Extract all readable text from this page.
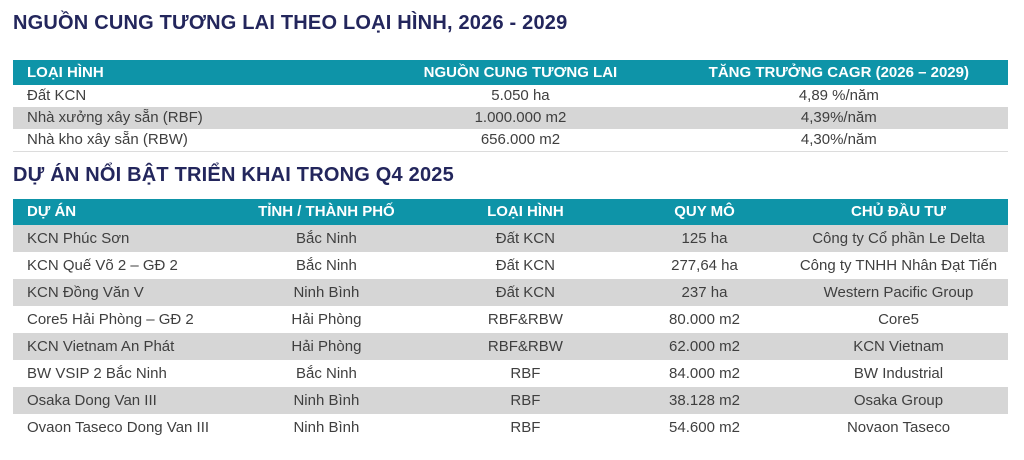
NGUỒN CUNG TƯƠNG LAI THEO LOẠI HÌNH, 2026 - 2029
LOẠI HÌNH	NGUỒN CUNG TƯƠNG LAI	TĂNG TRƯỞNG CAGR (2026 – 2029)
Đất KCN	5.050 ha	4,89 %/năm
Nhà xưởng xây sẵn (RBF)	1.000.000 m2	4,39%/năm
Nhà kho xây sẵn (RBW)	656.000 m2	4,30%/năm
DỰ ÁN NỔI BẬT TRIỂN KHAI TRONG Q4 2025
DỰ ÁN	TỈNH / THÀNH PHỐ	LOẠI HÌNH	QUY MÔ	CHỦ ĐẦU TƯ
KCN Phúc Sơn	Bắc Ninh	Đất KCN	125 ha	Công ty Cổ phần Le Delta
KCN Quế Võ 2 – GĐ 2	Bắc Ninh	Đất KCN	277,64 ha	Công ty TNHH Nhân Đạt Tiến
KCN Đồng Văn V	Ninh Bình	Đất KCN	237 ha	Western Pacific Group
Core5 Hải Phòng – GĐ 2	Hải Phòng	RBF&RBW	80.000 m2	Core5
KCN Vietnam An Phát	Hải Phòng	RBF&RBW	62.000 m2	KCN Vietnam
BW VSIP 2 Bắc Ninh	Bắc Ninh	RBF	84.000 m2	BW Industrial
Osaka Dong Van III	Ninh Bình	RBF	38.128 m2	Osaka Group
Ovaon Taseco Dong Van III	Ninh Bình	RBF	54.600 m2	Novaon Taseco
